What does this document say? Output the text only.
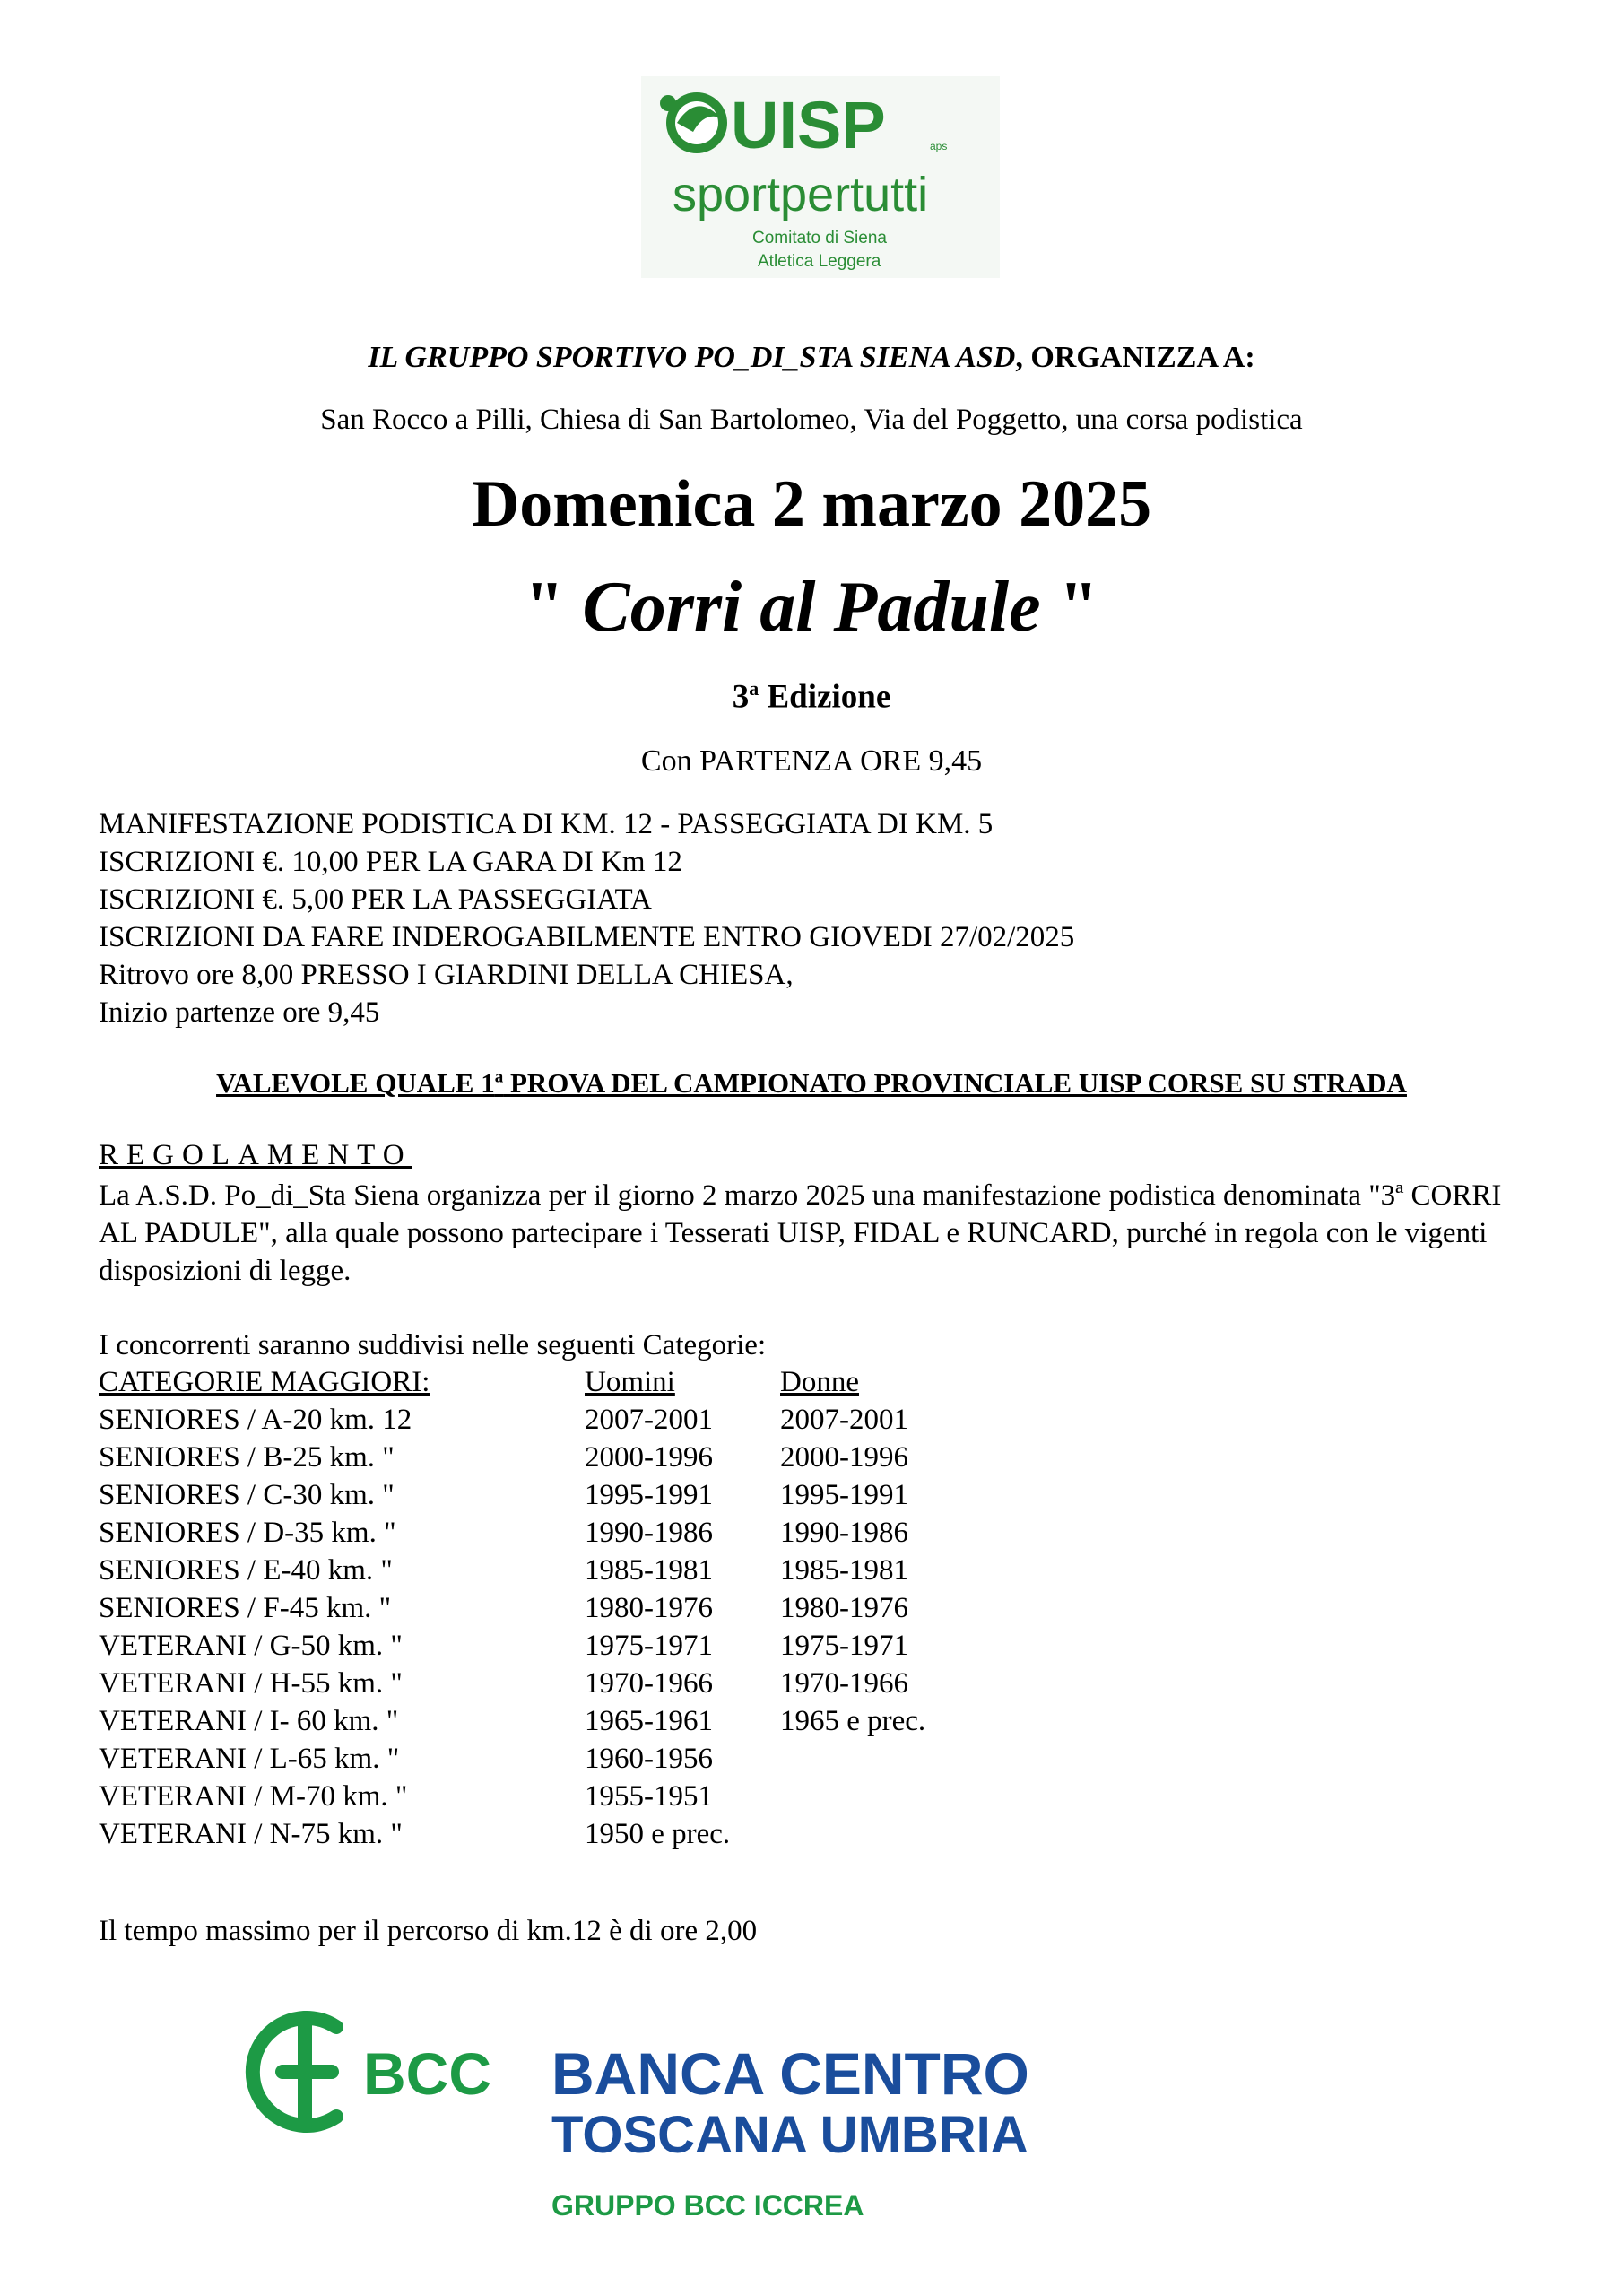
UISP	aps
sportpertutti
Comitato di Siena
Atletica Leggera
IL GRUPPO SPORTIVO PO_DI_STA SIENA ASD, ORGANIZZA A:
San Rocco a Pilli, Chiesa di San Bartolomeo, Via del Poggetto, una corsa podistica
Domenica 2 marzo 2025
" Corri al Padule "
3$^a$ Edizione
Con PARTENZA ORE 9,45
MANIFESTAZIONE PODISTICA DI KM. 12 - PASSEGGIATA DI KM. 5
ISCRIZIONI €. 10,00 PER LA GARA DI Km 12
ISCRIZIONI €. 5,00 PER LA PASSEGGIATA
ISCRIZIONI DA FARE INDEROGABILMENTE ENTRO GIOVEDI 27/02/2025
Ritrovo ore 8,00 PRESSO I GIARDINI DELLA CHIESA,
Inizio partenze ore 9,45
VALEVOLE QUALE 1$^a$ PROVA DEL CAMPIONATO PROVINCIALE UISP CORSE SU STRADA
REGOLAMENTO
La A.S.D. Po_di_Sta Siena organizza per il giorno 2 marzo 2025 una manifestazione podistica denominata "3ª CORRI AL PADULE", alla quale possono partecipare i Tesserati UISP, FIDAL e RUNCARD, purché in regola con le vigenti disposizioni di legge.
I concorrenti saranno suddivisi nelle seguenti Categorie:
CATEGORIE MAGGIORI:	Uomini	Donne
SENIORES / A-20 km. 12	2007-2001	2007-2001
SENIORES / B-25 km. "	2000-1996	2000-1996
SENIORES / C-30 km. "	1995-1991	1995-1991
SENIORES / D-35 km. "	1990-1986	1990-1986
SENIORES / E-40 km. "	1985-1981	1985-1981
SENIORES / F-45 km. "	1980-1976	1980-1976
VETERANI / G-50 km. "	1975-1971	1975-1971
VETERANI / H-55 km. "	1970-1966	1970-1966
VETERANI / I- 60 km. "	1965-1961	1965 e prec.
VETERANI / L-65 km. "	1960-1956	
VETERANI / M-70 km. "	1955-1951	
VETERANI / N-75 km. "	1950 e prec.	
Il tempo massimo per il percorso di km.12 è di ore 2,00
BCC BANCA CENTRO
TOSCANA UMBRIA
GRUPPO BCC ICCREA
